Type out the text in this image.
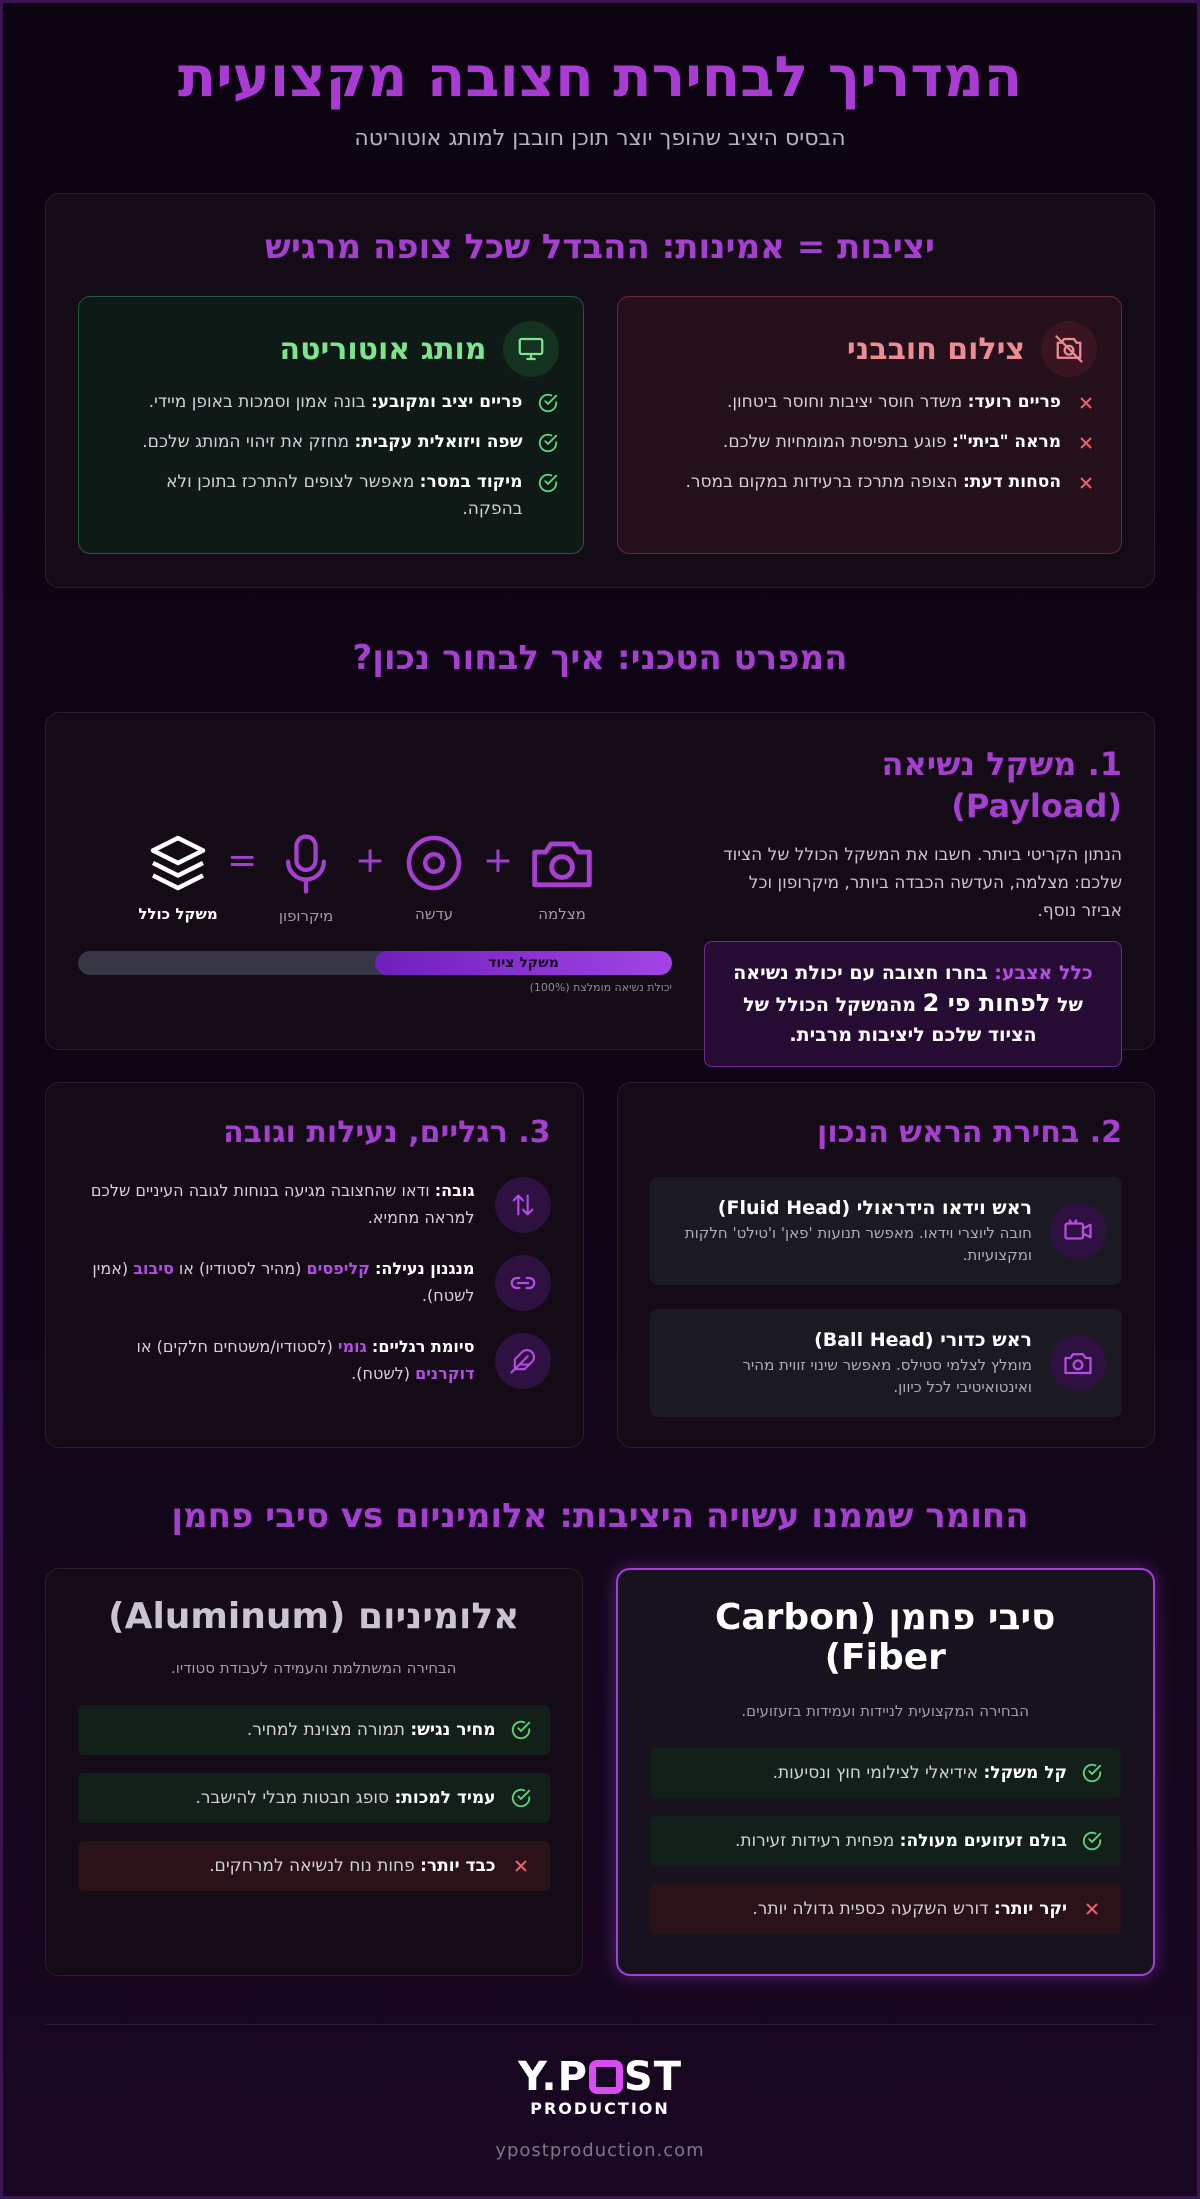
המדריך לבחירת חצובה מקצועית

הבסיס היציב שהופך יוצר תוכן חובבן למותג אוטוריטה

יציבות = אמינות: ההבדל שכל צופה מרגיש
צילום חובבני
פריים רועד: משדר חוסר יציבות וחוסר ביטחון.
מראה "ביתי": פוגע בתפיסת המומחיות שלכם.
הסחות דעת: הצופה מתרכז ברעידות במקום במסר.
מותג אוטוריטה
פריים יציב ומקובע: בונה אמון וסמכות באופן מיידי.
שפה ויזואלית עקבית: מחזק את זיהוי המותג שלכם.
מיקוד במסר: מאפשר לצופים להתרכז בתוכן ולא בהפקה.
המפרט הטכני: איך לבחור נכון?
1. משקל נשיאה (Payload)

הנתון הקריטי ביותר. חשבו את המשקל הכולל של הציוד שלכם: מצלמה, העדשה הכבדה ביותר, מיקרופון וכל אביזר נוסף.

כלל אצבע: בחרו חצובה עם יכולת נשיאה של לפחות פי 2 מהמשקל הכולל של הציוד שלכם ליציבות מרבית.
מצלמה
+
עדשה
+
מיקרופון
=
משקל כולל
משקל ציוד
יכולת נשיאה מומלצת (100%)
2. בחירת הראש הנכון
ראש וידאו הידראולי (Fluid Head)
חובה ליוצרי וידאו. מאפשר תנועות 'פאן' ו'טילט' חלקות ומקצועיות.
ראש כדורי (Ball Head)
מומלץ לצלמי סטילס. מאפשר שינוי זווית מהיר ואינטואיטיבי לכל כיוון.
3. רגליים, נעילות וגובה
גובה: ודאו שהחצובה מגיעה בנוחות לגובה העיניים שלכם למראה מחמיא.
מנגנון נעילה: קליפסים (מהיר לסטודיו) או סיבוב (אמין לשטח).
סיומת רגליים: גומי (לסטודיו/משטחים חלקים) או דוקרנים (לשטח).
החומר שממנו עשויה היציבות: אלומיניום vs סיבי פחמן
סיבי פחמן (Carbon Fiber)

הבחירה המקצועית לניידות ועמידות בזעזועים.

קל משקל: אידיאלי לצילומי חוץ ונסיעות.
בולם זעזועים מעולה: מפחית רעידות זעירות.
יקר יותר: דורש השקעה כספית גדולה יותר.
אלומיניום (Aluminum)

הבחירה המשתלמת והעמידה לעבודת סטודיו.

מחיר נגיש: תמורה מצוינת למחיר.
עמיד למכות: סופג חבטות מבלי להישבר.
כבד יותר: פחות נוח לנשיאה למרחקים.
Y.P ST
PRODUCTION
ypostproduction.com
